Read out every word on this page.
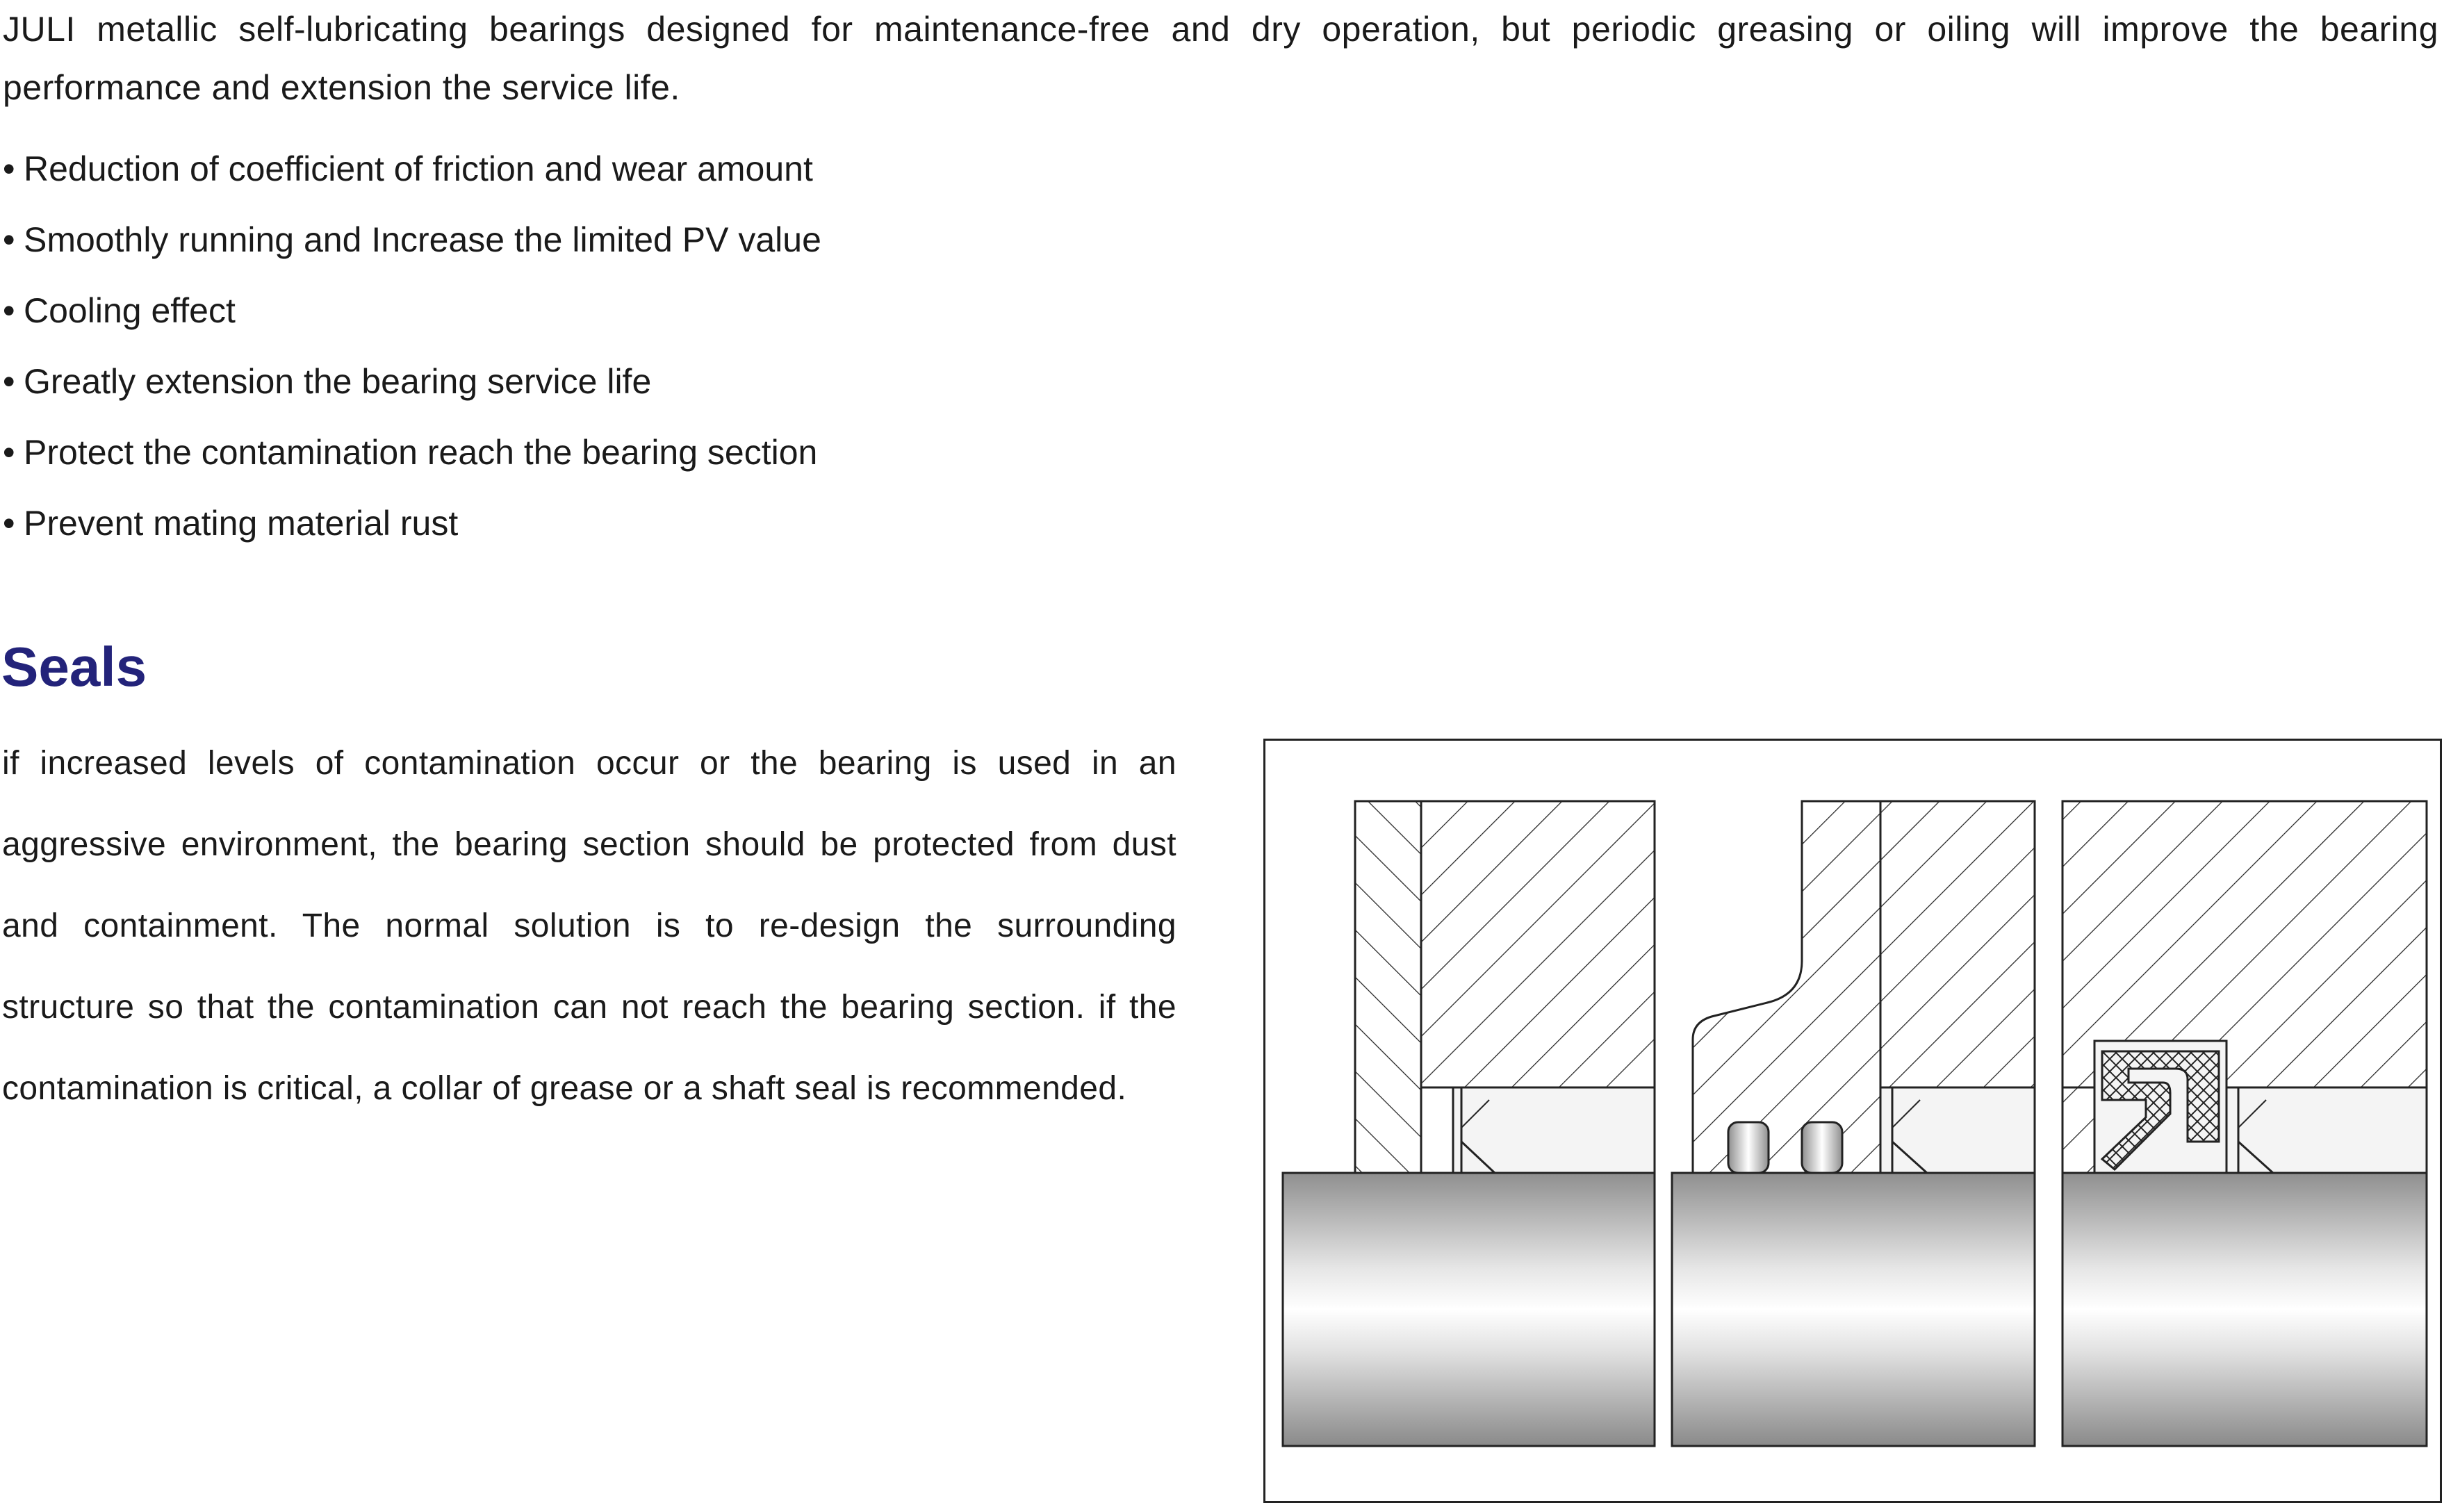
JULI metallic self-lubricating bearings designed for maintenance-free and dry operation, but periodic greasing or oiling will improve the bearing performance and extension the service life.

• Reduction of coefficient of friction and wear amount
• Smoothly running and Increase the limited PV value
• Cooling effect
• Greatly extension the bearing service life
• Protect the contamination reach the bearing section
• Prevent mating material rust
Seals

if increased levels of contamination occur or the bearing is used in an aggressive environment, the bearing section should be protected from dust and containment. The normal solution is to re-design the surrounding structure so that the contamination can not reach the bearing section. if the contamination is critical, a collar of grease or a shaft seal is recommended.
